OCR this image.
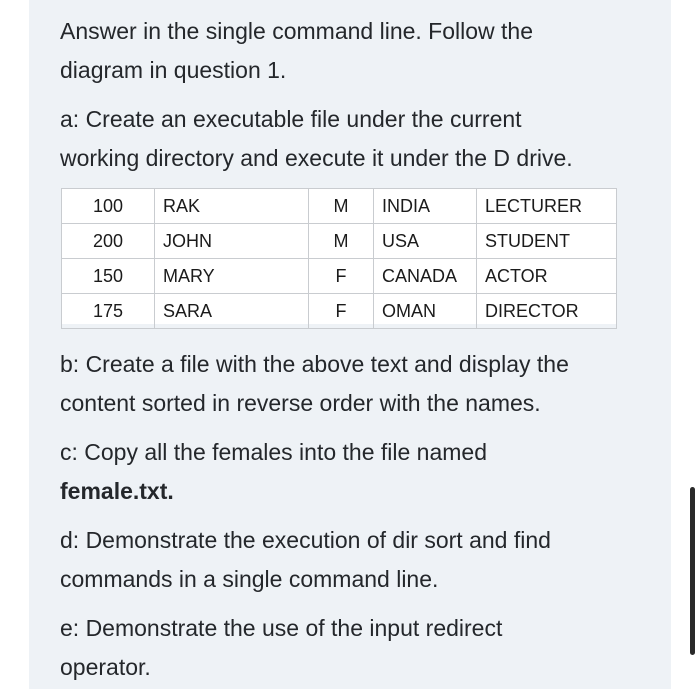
Answer in the single command line. Follow the

diagram in question 1.

a: Create an executable file under the current

working directory and execute it under the D drive.

b: Create a file with the above text and display the

content sorted in reverse order with the names.

c: Copy all the females into the file named

female.txt.

d: Demonstrate the execution of dir sort and find

commands in a single command line.

e: Demonstrate the use of the input redirect

operator.

100	RAK	M	INDIA	LECTURER
200	JOHN	M	USA	STUDENT
150	MARY	F	CANADA	ACTOR
175	SARA	F	OMAN	DIRECTOR
